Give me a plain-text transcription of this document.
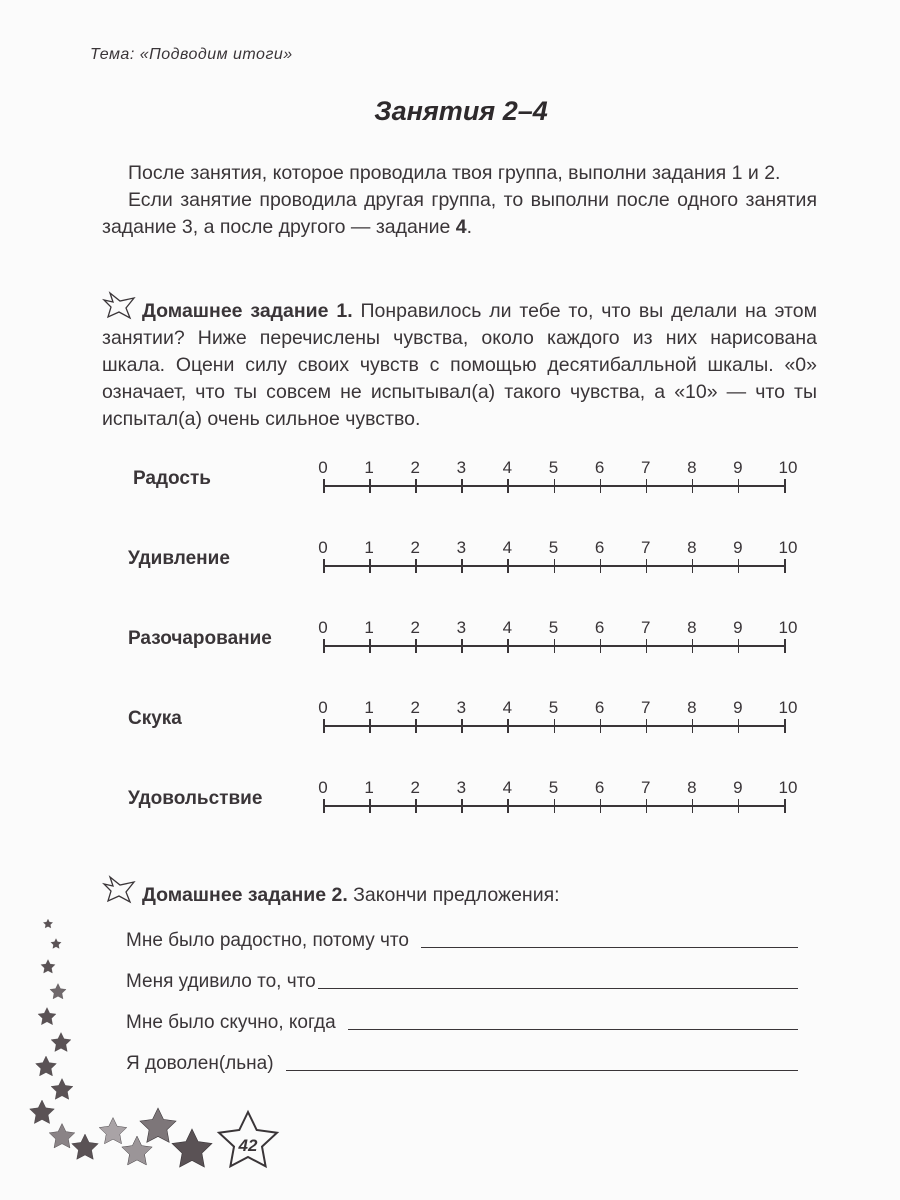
Тема: «Подводим итоги»
Занятия 2–4

После занятия, которое проводила твоя группа, выполни задания 1 и 2.

Если занятие проводила другая группа, то выполни после одного занятия задание 3, а после другого — задание 4.

Домашнее задание 1. Понравилось ли тебе то, что вы делали на этом занятии? Ниже перечислены чувства, около каждого из них нарисована шкала. Оцени силу своих чувств с помощью десятибалльной шкалы. «0» означает, что ты совсем не испытывал(а) такого чувства, а «10» — что ты испытал(а) очень сильное чувство.
Радость
0 1 2 3 4 5 6 7 8 9 10
Удивление
0 1 2 3 4 5 6 7 8 9 10
Разочарование
0 1 2 3 4 5 6 7 8 9 10
Скука
0 1 2 3 4 5 6 7 8 9 10
Удовольствие
0 1 2 3 4 5 6 7 8 9 10
Домашнее задание 2. Закончи предложения:
Мне было радостно, потому что
Меня удивило то, что
Мне было скучно, когда
Я доволен(льна)
42
